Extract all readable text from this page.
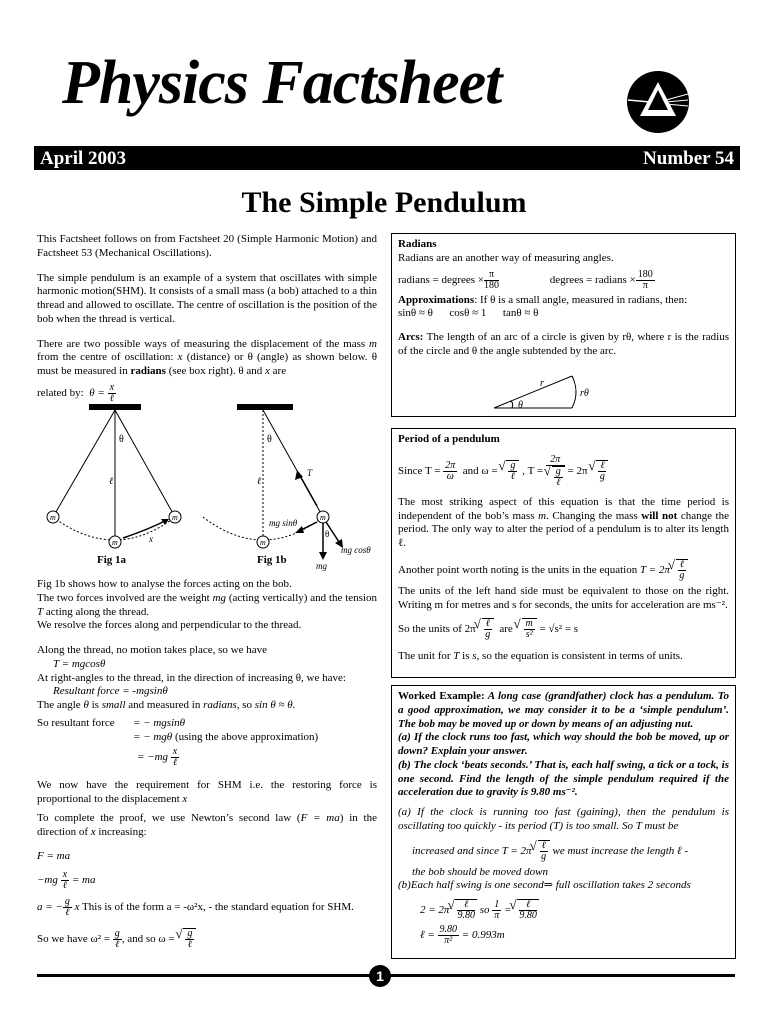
Physics Factsheet
April 2003	Number 54
The Simple Pendulum

This Factsheet follows on from Factsheet 20 (Simple Harmonic Motion) and Factsheet 53 (Mechanical Oscillations).

The simple pendulum is an example of a system that oscillates with simple harmonic motion(SHM). It consists of a small mass (a bob) attached to a thin thread and allowed to oscillate. The centre of oscillation is the position of the bob when the thread is vertical.

There are two possible ways of measuring the displacement of the mass m from the centre of oscillation: x (distance) or θ (angle) as shown below. θ must be measured in radians (see box right). θ and x are

related by: $\theta = \frac{x}{\text{ℓ}}$

m
m
m
θ
ℓ
x
Fig 1a
m
m
θ
ℓ
T
mg sinθ
θ
mg cosθ
mg
Fig 1b

Fig 1b shows how to analyse the forces acting on the bob.

The two forces involved are the weight mg (acting vertically) and the tension T acting along the thread.

We resolve the forces along and perpendicular to the thread.

Along the thread, no motion takes place, so we have

T = mgcosθ

At right-angles to the thread, in the direction of increasing θ, we have:

Resultant force = -mgsinθ

The angle θ is small and measured in radians, so sin θ ≈ θ.

So resultant force = − mgsinθ
= − mgθ (using the above approximation)
= $-mg \frac{x}{\text{ℓ}}$

We now have the requirement for SHM i.e. the restoring force is proportional to the displacement x

To complete the proof, we use Newton’s second law (F = ma) in the direction of x increasing:

F = ma

$-mg \frac{x}{\text{ℓ}}$ = ma

a = − $\frac{g}{\text{ℓ}}$ x This is of the form a = -ω²x, - the standard equation for SHM.

So we have $\omega^2 = \frac{g}{\text{ℓ}}$ , and so ω = √ $\frac{g}{\text{ℓ}}$

Radians
Radians are an another way of measuring angles.
radians = degrees × $\frac{\pi}{180}$	degrees = radians × $\frac{180}{\pi}$
Approximations: If θ is a small angle, measured in radians, then:
sinθ ≈ θ      cosθ ≈ 1      tanθ ≈ θ
Arcs: The length of an arc of a circle is given by rθ, where r is the radius of the circle and θ the angle subtended by the arc.
r
rθ
θ
Period of a pendulum
Since $T = \frac{2\pi}{\omega}$ and ω = √ $\frac{g}{\text{ℓ}}$ , T = 2π
√ g
ℓ = 2π √ $\frac{\text{ℓ}}{g}$
The most striking aspect of this equation is that the time period is independent of the bob’s mass m. Changing the mass will not change the period. The only way to alter the period of a pendulum is to alter its length ℓ.
Another point worth noting is the units in the equation T = 2π √ $\frac{\text{ℓ}}{g}$
The units of the left hand side must be equivalent to those on the right. Writing m for metres and s for seconds, the units for acceleration are ms⁻².
So the units of 2π √ $\frac{\text{ℓ}}{g}$ are √ $\frac{m}{\text{s²}} = √s^2 = s$
The unit for T is s, so the equation is consistent in terms of units.
Worked Example: A long case (grandfather) clock has a pendulum. To a good approximation, we may consider it to be a ‘simple pendulum’. The bob may be moved up or down by means of an adjusting nut.
(a) If the clock runs too fast, which way should the bob be moved, up or down? Explain your answer.
(b) The clock ‘beats seconds.’ That is, each half swing, a tick or a tock, is one second. Find the length of the simple pendulum required if the acceleration due to gravity is 9.80 ms⁻².
(a) If the clock is running too fast (gaining), then the pendulum is oscillating too quickly - its period (T) is too small. So T must be
increased and since T = 2π √ $\frac{\text{ℓ}}{g}$ we must increase the length ℓ -
the bob should be moved down
(b)Each half swing is one second⇒ full oscillation takes 2 seconds
2 = 2π √ $\frac{\text{ℓ}}{9.80}$ so $\frac{1}{\pi}$ = √ $\frac{\text{ℓ}}{9.80}$
ℓ = $\frac{9.80}{\text{π²}} = 0.993m$
1
